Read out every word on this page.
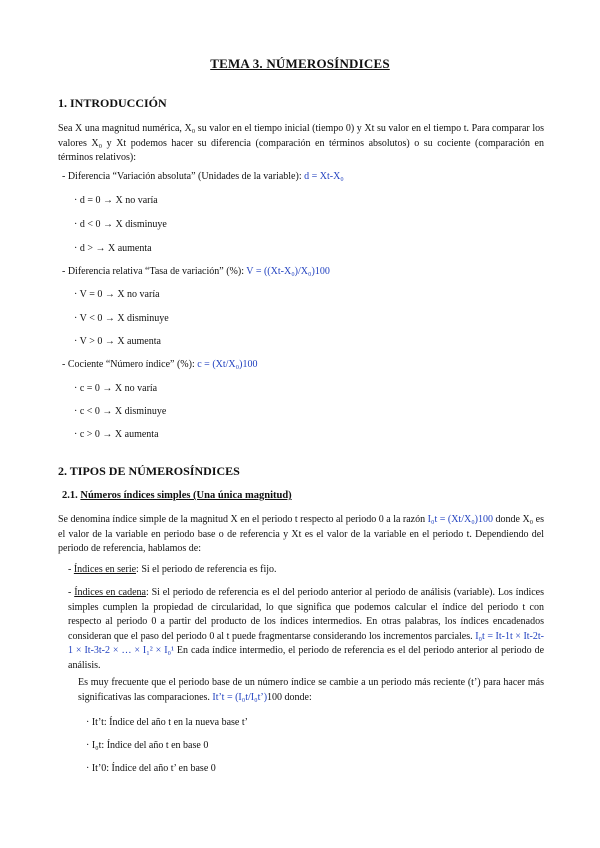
TEMA 3. NÚMEROSÍNDICES
1. INTRODUCCIÓN
Sea X una magnitud numérica, X₀ su valor en el tiempo inicial (tiempo 0) y Xt su valor en el tiempo t. Para comparar los valores X₀ y Xt podemos hacer su diferencia (comparación en términos absolutos) o su cociente (comparación en términos relativos):
- Diferencia “Variación absoluta” (Unidades de la variable): d = Xt-X₀
· d = 0 → X no varía
· d < 0 → X disminuye
· d > → X aumenta
- Diferencia relativa “Tasa de variación” (%): V = ((Xt-X₀)/X₀)100
· V = 0 → X no varía
· V < 0 → X disminuye
· V > 0 → X aumenta
- Cociente “Número índice” (%): c = (Xt/X₀)100
· c = 0 → X no varía
· c < 0 → X disminuye
· c > 0 → X aumenta
2. TIPOS DE NÚMEROSÍNDICES
2.1. Números índices simples (Una única magnitud)
Se denomina índice simple de la magnitud X en el periodo t respecto al periodo 0 a la razón I₀t = (Xt/X₀)100 donde X₀ es el valor de la variable en periodo base o de referencia y Xt es el valor de la variable en el periodo t. Dependiendo del periodo de referencia, hablamos de:
- Índices en serie: Si el periodo de referencia es fijo.
- Índices en cadena: Si el periodo de referencia es el del periodo anterior al periodo de análisis (variable). Los índices simples cumplen la propiedad de circularidad, lo que significa que podemos calcular el índice del periodo t con respecto al periodo 0 a partir del producto de los índices intermedios. En otras palabras, los índices encadenados consideran que el paso del periodo 0 al t puede fragmentarse considerando los incrementos parciales. I₀t = It-1t × It-2t-1 × It-3t-2 × … × I₁² × I₀¹ En cada índice intermedio, el periodo de referencia es el del periodo anterior al periodo de análisis.
Es muy frecuente que el periodo base de un número índice se cambie a un periodo más reciente (t’) para hacer más significativas las comparaciones. It’t = (I₀t/I₀t’)100 donde:
· It’t: Índice del año t en la nueva base t’
· I₀t: Índice del año t en base 0
· It’0: Índice del año t’ en base 0
